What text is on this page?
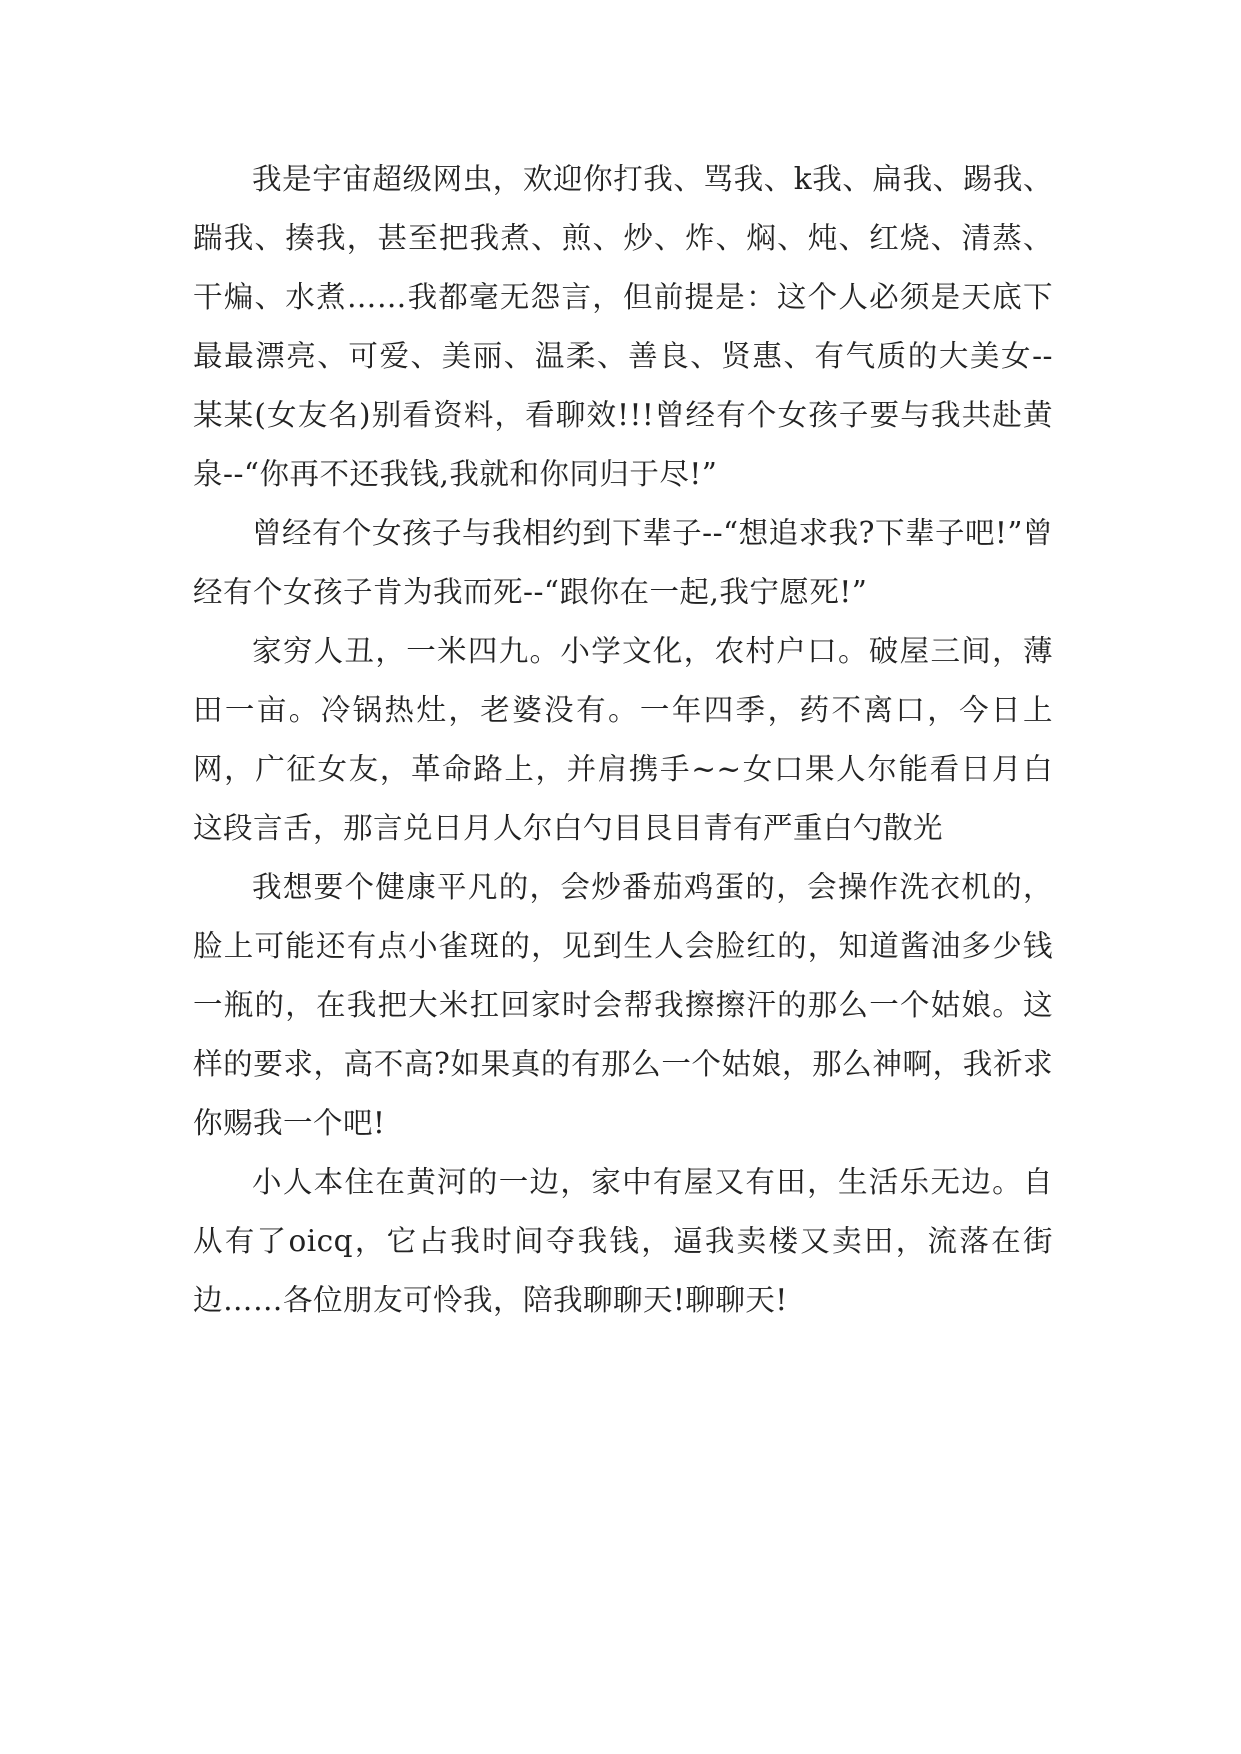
我是宇宙超级网虫，欢迎你打我、骂我、k我、扁我、踢我、踹我、揍我，甚至把我煮、煎、炒、炸、焖、炖、红烧、清蒸、干煸、水煮……我都毫无怨言，但前提是：这个人必须是天底下最最漂亮、可爱、美丽、温柔、善良、贤惠、有气质的大美女--某某(女友名)别看资料，看聊效!!!曾经有个女孩子要与我共赴黄泉--“你再不还我钱,我就和你同归于尽!”

曾经有个女孩子与我相约到下辈子--“想追求我?下辈子吧!”曾经有个女孩子肯为我而死--“跟你在一起,我宁愿死!”

家穷人丑，一米四九。小学文化，农村户口。破屋三间，薄田一亩。冷锅热灶，老婆没有。一年四季，药不离口，今日上网，广征女友，革命路上，并肩携手~~女口果人尔能看日月白这段言舌，那言兑日月人尔白勺目艮目青有严重白勺散光

我想要个健康平凡的，会炒番茄鸡蛋的，会操作洗衣机的，脸上可能还有点小雀斑的，见到生人会脸红的，知道酱油多少钱一瓶的，在我把大米扛回家时会帮我擦擦汗的那么一个姑娘。这样的要求，高不高?如果真的有那么一个姑娘，那么神啊，我祈求你赐我一个吧!

小人本住在黄河的一边，家中有屋又有田，生活乐无边。自从有了oicq，它占我时间夺我钱，逼我卖楼又卖田，流落在街边……各位朋友可怜我，陪我聊聊天!聊聊天!
